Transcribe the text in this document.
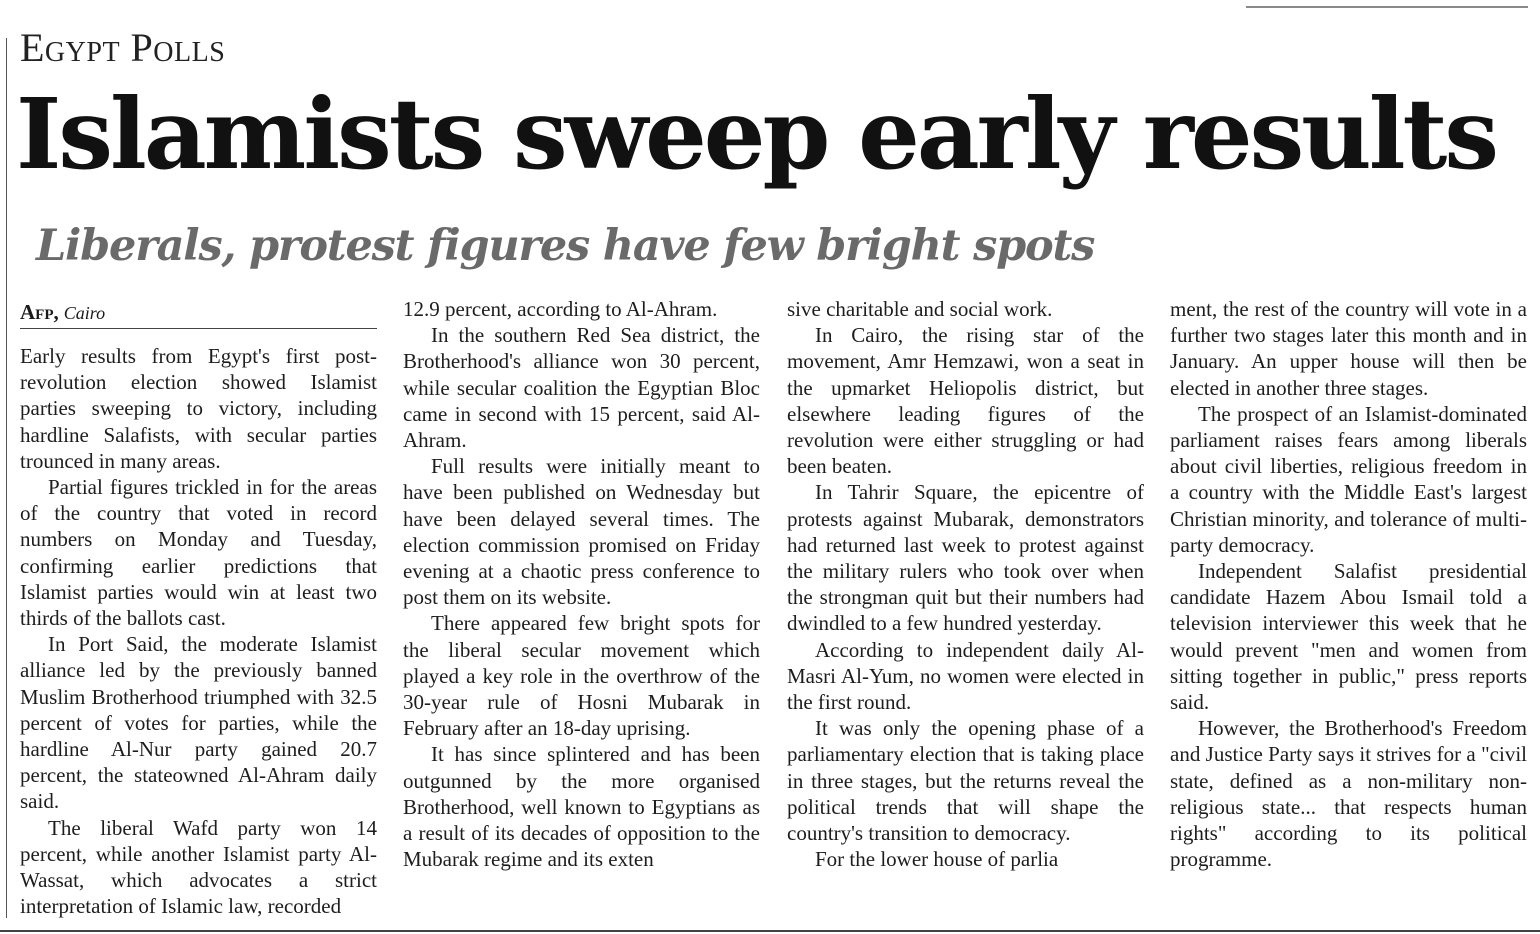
Egypt Polls
Islamists sweep early results
Liberals, protest figures have few bright spots
Afp, Cairo

Early results from Egypt's first postrevolution election showed Islamist parties sweeping to victory, including hardline Salafists, with secular parties trounced in many areas.

Partial figures trickled in for the areas of the country that voted in record numbers on Monday and Tuesday, confirming earlier predictions that Islamist parties would win at least two thirds of the ballots cast.

In Port Said, the moderate Islamist alliance led by the previously banned Muslim Brotherhood triumphed with 32.5 percent of votes for parties, while the hardline Al-Nur party gained 20.7 percent, the stateowned Al-Ahram daily said.

The liberal Wafd party won 14 percent, while another Islamist party Al-Wassat, which advocates a strict interpretation of Islamic law, recorded

12.9 percent, according to Al-Ahram.

In the southern Red Sea district, the Brotherhood's alliance won 30 percent, while secular coalition the Egyptian Bloc came in second with 15 percent, said Al-Ahram.

Full results were initially meant to have been published on Wednesday but have been delayed several times. The election commission promised on Friday evening at a chaotic press conference to post them on its website.

There appeared few bright spots for the liberal secular movement which played a key role in the overthrow of the 30-year rule of Hosni Mubarak in February after an 18-day uprising.

It has since splintered and has been outgunned by the more organised Brotherhood, well known to Egyptians as a result of its decades of opposition to the Mubarak regime and its exten

sive charitable and social work.

In Cairo, the rising star of the movement, Amr Hemzawi, won a seat in the upmarket Heliopolis district, but elsewhere leading figures of the revolution were either struggling or had been beaten.

In Tahrir Square, the epicentre of protests against Mubarak, demonstrators had returned last week to protest against the military rulers who took over when the strongman quit but their numbers had dwindled to a few hundred yesterday.

According to independent daily Al-Masri Al-Yum, no women were elected in the first round.

It was only the opening phase of a parliamentary election that is taking place in three stages, but the returns reveal the political trends that will shape the country's transition to democracy.

For the lower house of parlia

ment, the rest of the country will vote in a further two stages later this month and in January. An upper house will then be elected in another three stages.

The prospect of an Islamist-dominated parliament raises fears among liberals about civil liberties, religious freedom in a country with the Middle East's largest Christian minority, and tolerance of multiparty democracy.

Independent Salafist presidential candidate Hazem Abou Ismail told a television interviewer this week that he would prevent "men and women from sitting together in public," press reports said.

However, the Brotherhood's Freedom and Justice Party says it strives for a "civil state, defined as a non-military non-religious state... that respects human rights" according to its political programme.
